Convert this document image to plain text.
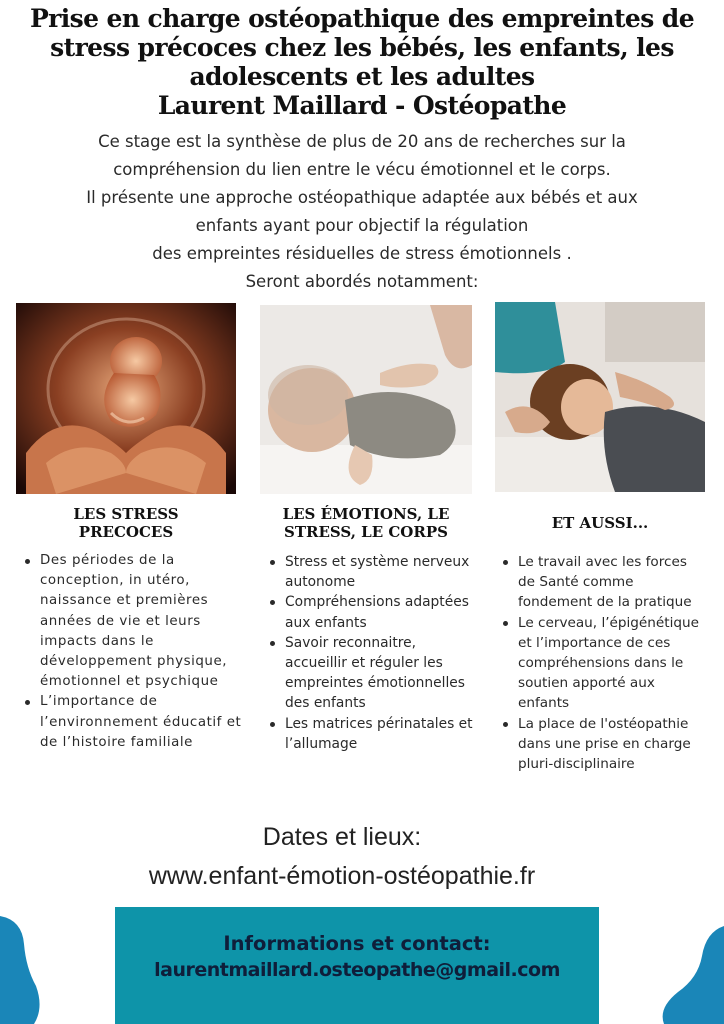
Prise en charge ostéopathique des empreintes de
stress précoces chez les bébés, les enfants, les
adolescents et les adultes
Laurent Maillard - Ostéopathe
Ce stage est la synthèse de plus de 20 ans de recherches sur la
compréhension du lien entre le vécu émotionnel et le corps.
Il présente une approche ostéopathique adaptée aux bébés et aux
enfants ayant pour objectif la régulation
des empreintes résiduelles de stress émotionnels .
Seront abordés notamment:
LES STRESS
PRECOCES
LES ÉMOTIONS, LE
STRESS, LE CORPS	ET AUSSI...
Des périodes de la conception, in utéro, naissance et premières années de vie et leurs impacts dans le développement physique, émotionnel et psychique
L’importance de l’environnement éducatif et de l’histoire familiale
Stress et système nerveux autonome
Compréhensions adaptées aux enfants
Savoir reconnaitre, accueillir et réguler les empreintes émotionnelles des enfants
Les matrices périnatales et l’allumage
Le travail avec les forces de Santé comme fondement de la pratique
Le cerveau, l’épigénétique et l’importance de ces compréhensions dans le soutien apporté aux enfants
La place de l'ostéopathie dans une prise en charge pluri-disciplinaire
Dates et lieux:
www.enfant-émotion-ostéopathie.fr
Informations et contact:
laurentmaillard.osteopathe@gmail.com
